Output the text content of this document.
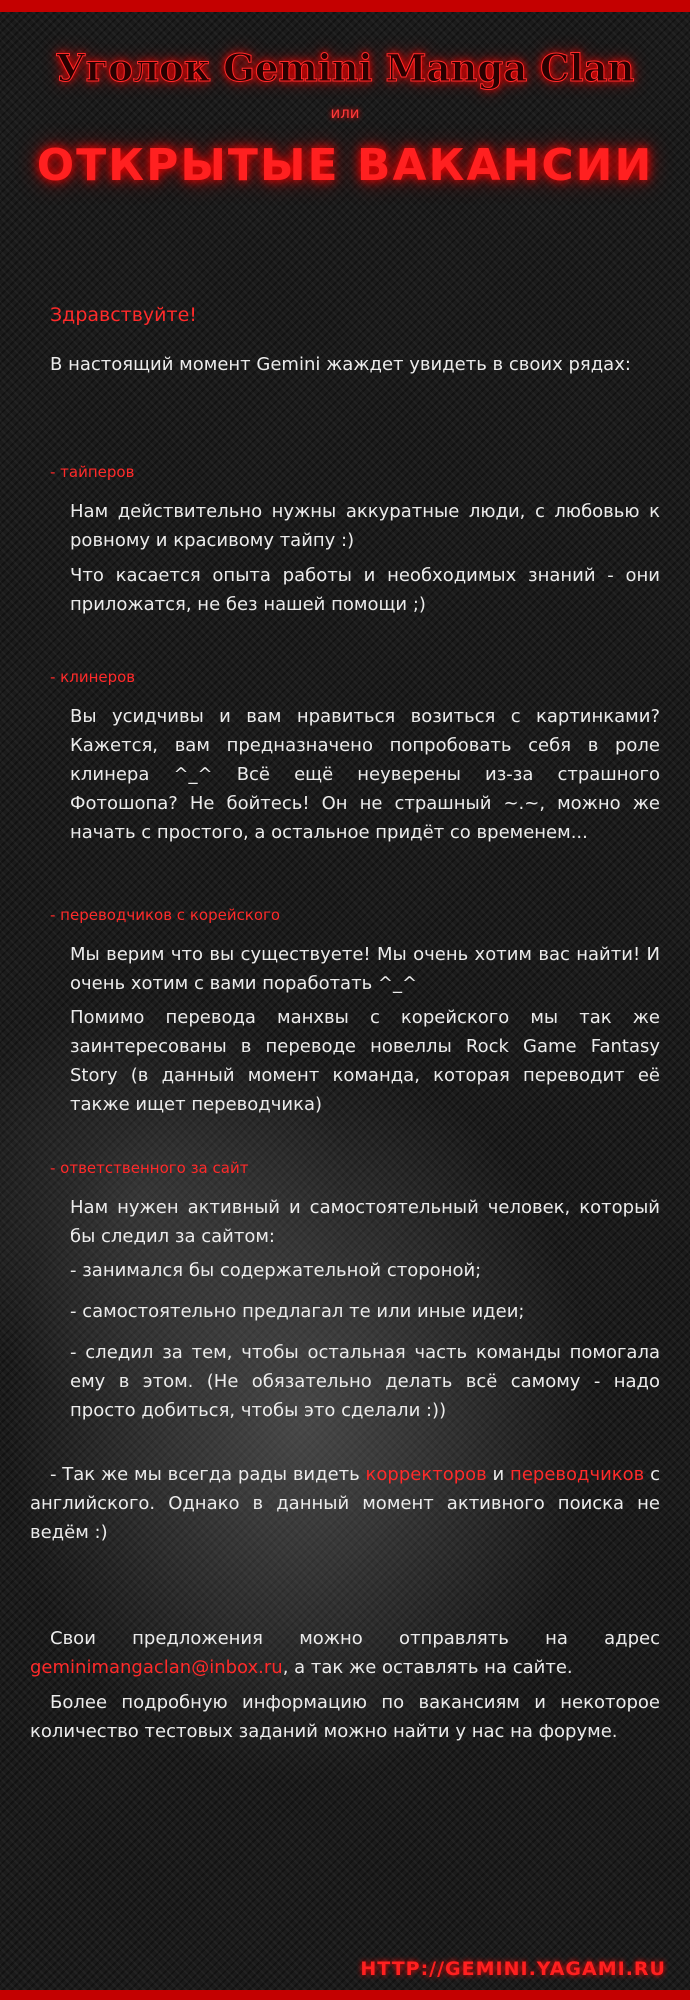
Уголок Gemini Manga Clan
или
ОТКРЫТЫЕ ВАКАНСИИ
Здравствуйте!

В настоящий момент Gemini жаждет увидеть в своих рядах:

- тайперов

Нам действительно нужны аккуратные люди, с любовью к ровному и красивому тайпу :)

Что касается опыта работы и необходимых знаний - они приложатся, не без нашей помощи ;)

- клинеров

Вы усидчивы и вам нравиться возиться с картинками? Кажется, вам предназначено попробовать себя в роле клинера ^_^ Всё ещё неуверены из-за страшного Фотошопа? Не бойтесь! Он не страшный ~.~, можно же начать с простого, а остальное придёт со временем...

- переводчиков с корейского

Мы верим что вы существуете! Мы очень хотим вас найти! И очень хотим с вами поработать ^_^

Помимо перевода манхвы с корейского мы так же заинтересованы в переводе новеллы Rock Game Fantasy Story (в данный момент команда, которая переводит её также ищет переводчика)

- ответственного за сайт

Нам нужен активный и самостоятельный человек, который бы следил за сайтом:

- занимался бы содержательной стороной;

- самостоятельно предлагал те или иные идеи;

- следил за тем, чтобы остальная часть команды помогала ему в этом. (Не обязательно делать всё самому - надо просто добиться, чтобы это сделали :))

- Так же мы всегда рады видеть корректоров и переводчиков с английского. Однако в данный момент активного поиска не ведём :)

Свои предложения можно отправлять на адрес geminimangaclan@inbox.ru, а так же оставлять на сайте.

Более подробную информацию по вакансиям и некоторое количество тестовых заданий можно найти у нас на форуме.

HTTP://GEMINI.YAGAMI.RU
